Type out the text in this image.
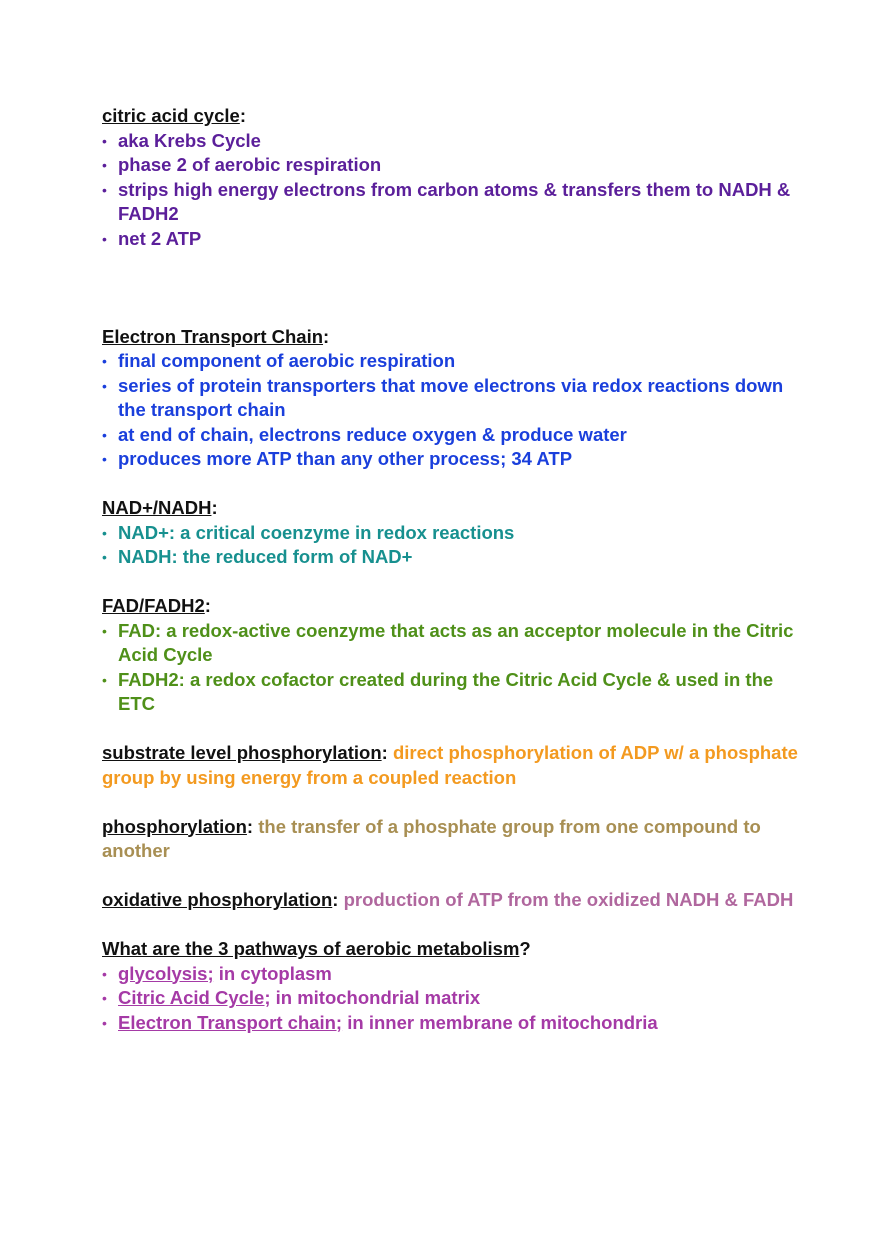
citric acid cycle:
• aka Krebs Cycle
• phase 2 of aerobic respiration
• strips high energy electrons from carbon atoms & transfers them to NADH & FADH2
• net 2 ATP
Electron Transport Chain:
• final component of aerobic respiration
• series of protein transporters that move electrons via redox reactions down the transport chain
• at end of chain, electrons reduce oxygen & produce water
• produces more ATP than any other process; 34 ATP
NAD+/NADH:
• NAD+: a critical coenzyme in redox reactions
• NADH: the reduced form of NAD+
FAD/FADH2:
• FAD: a redox-active coenzyme that acts as an acceptor molecule in the Citric Acid Cycle
• FADH2: a redox cofactor created during the Citric Acid Cycle & used in the ETC
substrate level phosphorylation: direct phosphorylation of ADP w/ a phosphate group by using energy from a coupled reaction
phosphorylation: the transfer of a phosphate group from one compound to another
oxidative phosphorylation: production of ATP from the oxidized NADH & FADH
What are the 3 pathways of aerobic metabolism?
• glycolysis; in cytoplasm
• Citric Acid Cycle; in mitochondrial matrix
• Electron Transport chain; in inner membrane of mitochondria
